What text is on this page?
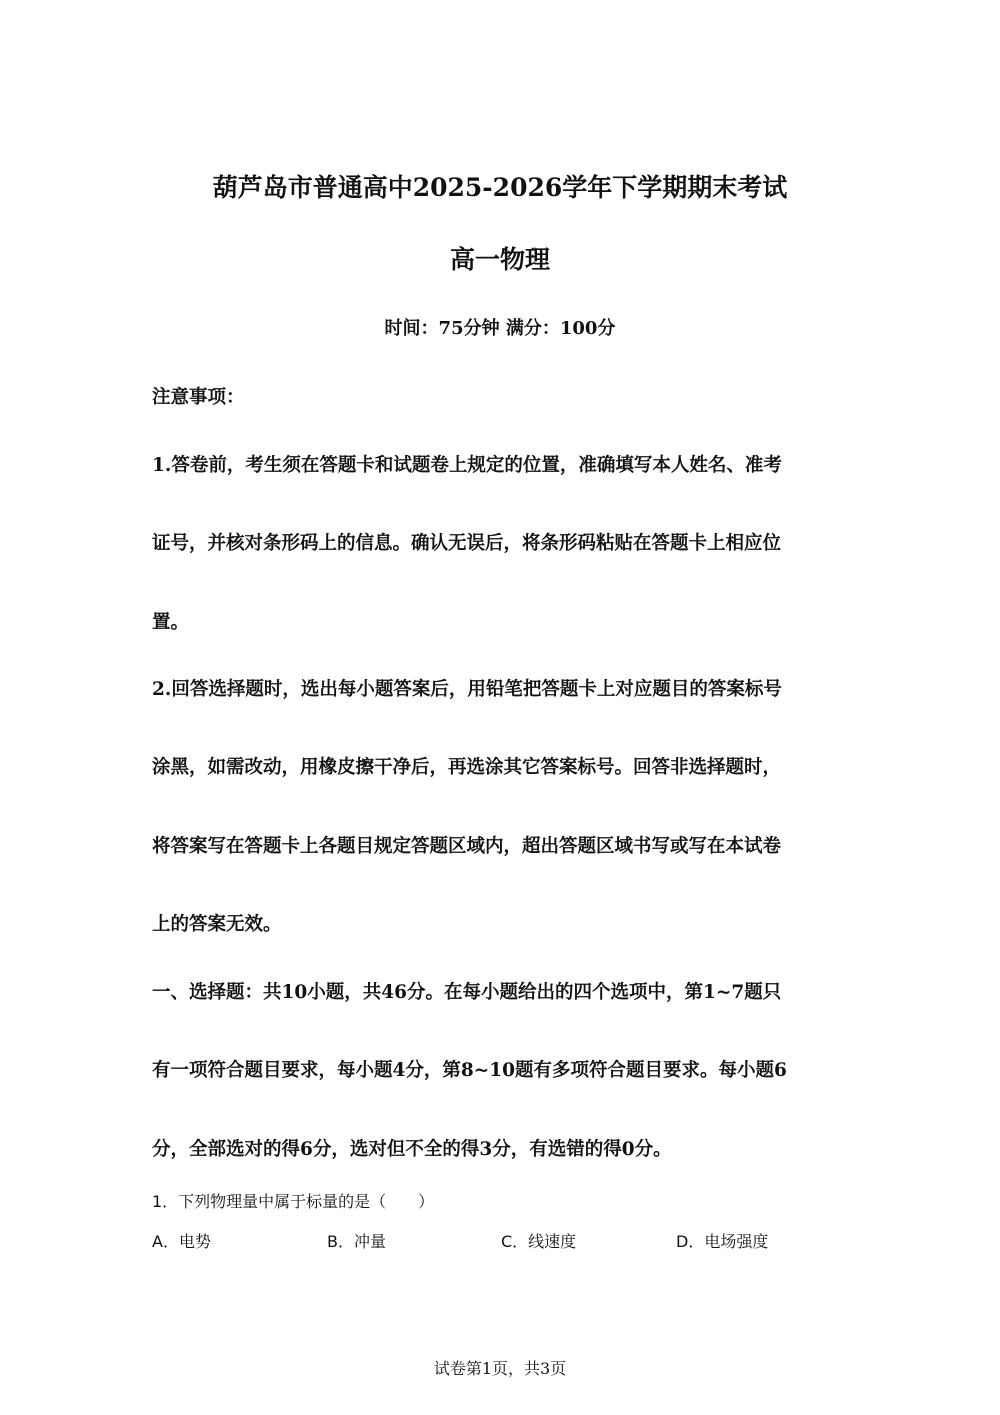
葫芦岛市普通高中2025-2026学年下学期期末考试
高一物理
时间：75分钟 满分：100分
注意事项：
1.答卷前，考生须在答题卡和试题卷上规定的位置，准确填写本人姓名、准考
证号，并核对条形码上的信息。确认无误后，将条形码粘贴在答题卡上相应位
置。
2.回答选择题时，选出每小题答案后，用铅笔把答题卡上对应题目的答案标号
涂黑，如需改动，用橡皮擦干净后，再选涂其它答案标号。回答非选择题时，
将答案写在答题卡上各题目规定答题区域内，超出答题区域书写或写在本试卷
上的答案无效。
一、选择题：共10小题，共46分。在每小题给出的四个选项中，第1~7题只
有一项符合题目要求，每小题4分，第8~10题有多项符合题目要求。每小题6
分，全部选对的得6分，选对但不全的得3分，有选错的得0分。
1．下列物理量中属于标量的是（　　）
A．电势	B．冲量	C．线速度	D．电场强度
试卷第1页，共3页
